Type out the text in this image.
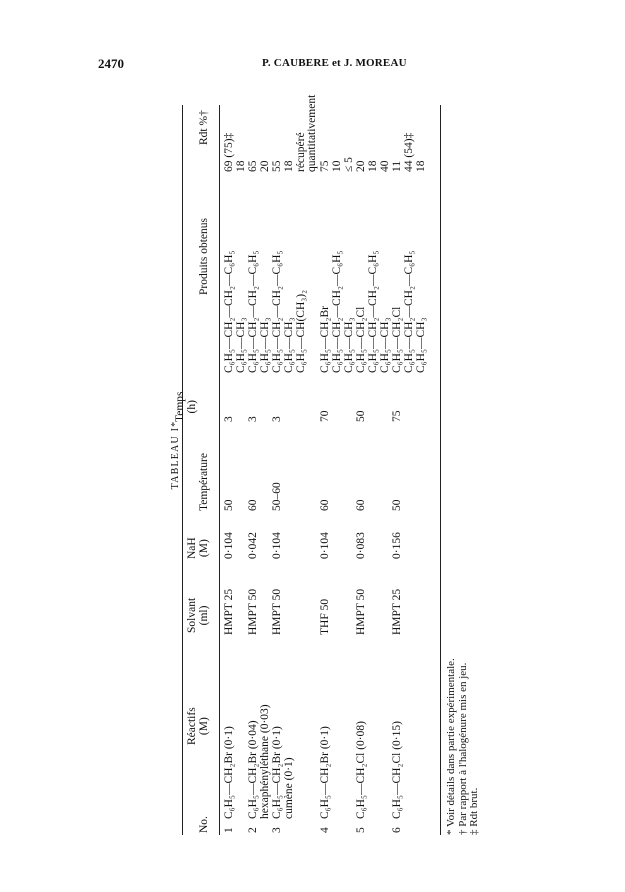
2470	P. CAUBERE et J. MOREAU
TABLEAU I*
No.
Réactifs (M)
Solvant (ml)
NaH (M)
Température
Temps (h)
Produits obtenus
Rdt %†
1
C₆H₅—CH₂Br (0·1)
HMPT 25
0·104
50
3
C₆H₅—CH₂—CH₂—C₆H₅ C₆H₅—CH₃
69 (75)‡ 18
2
C₆H₅—CH₂Br (0·04) hexaphényléthane (0·03)
HMPT 50
0·042
60
3
C₆H₅—CH₂—CH₂—C₆H₅ C₆H₅—CH₃
65 20
3
C₆H₅—CH₂Br (0·1) cumène (0·1)
HMPT 50
0·104
50–60
3
C₆H₅—CH₂—CH₂—C₆H₅ C₆H₅—CH₃ C₆H₅—CH(CH₃)₂
55 18 récupéré quantitativement
4
C₆H₅—CH₂Br (0·1)
THF 50
0·104
60
70
C₆H₅—CH₂Br C₆H₅—CH₂—CH₂—C₆H₅ C₆H₅—CH₃
75 10 ≤ 5
5
C₆H₅—CH₂Cl (0·08)
HMPT 50
0·083
60
50
C₆H₅—CH₂Cl C₆H₅—CH₂—CH₂—C₆H₅ C₆H₅—CH₃
20 18 40
6
C₆H₅—CH₂Cl (0·15)
HMPT 25
0·156
50
75
C₆H₅—CH₂Cl C₆H₅—CH₂—CH₂—C₆H₅ C₆H₅—CH₃
11 44 (54)‡ 18
* Voir détails dans partie expérimentale. † Par rapport à l'halogénure mis en jeu. ‡ Rdt brut.
